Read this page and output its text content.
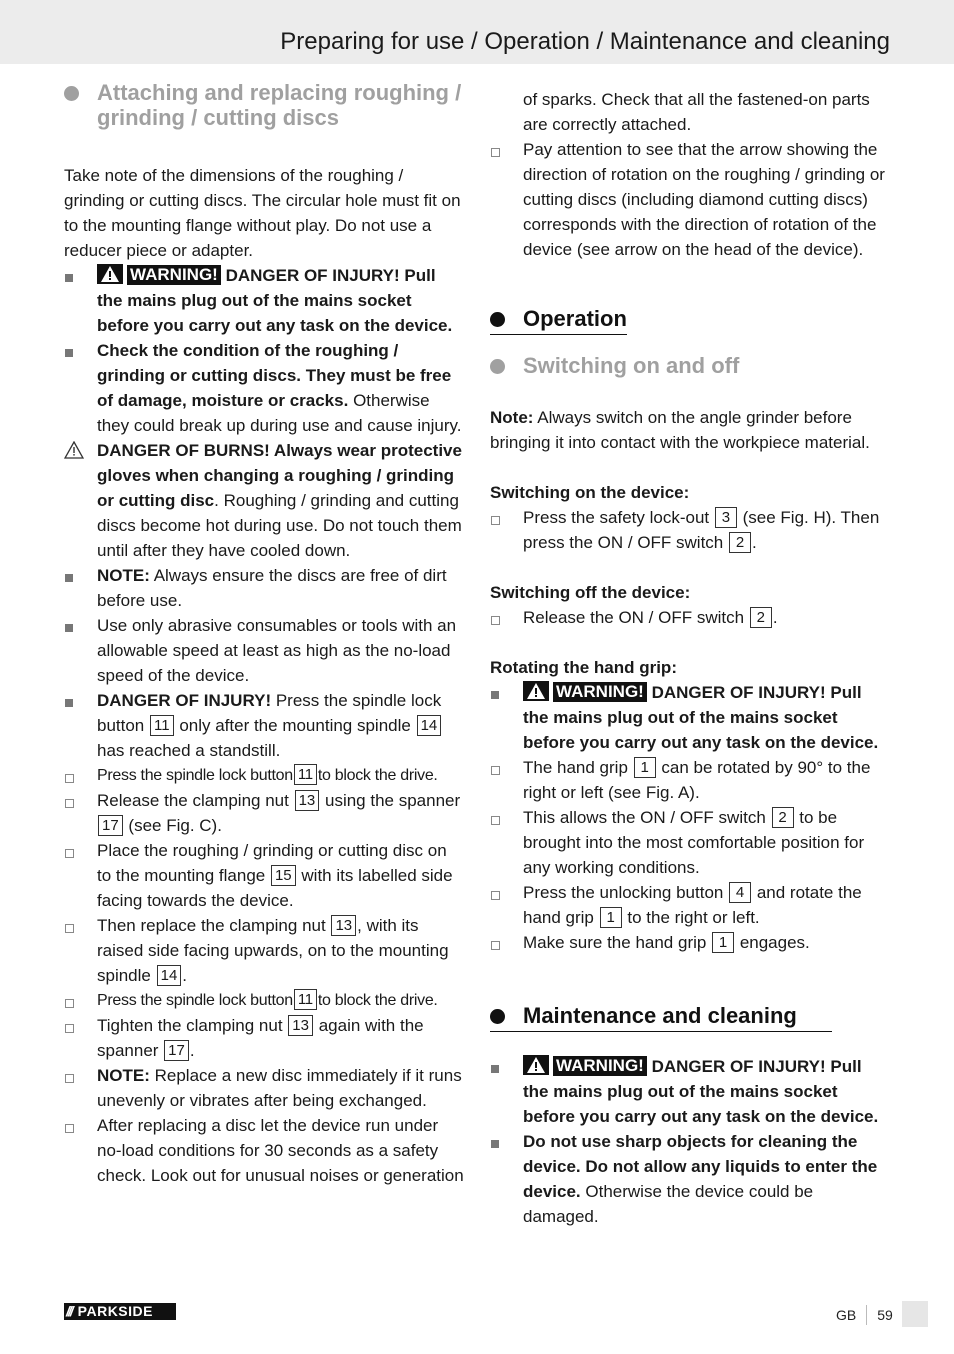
Preparing for use / Operation / Maintenance and cleaning
Attaching and replacing roughing / grinding / cutting discs

Take note of the dimensions of the roughing / grinding or cutting discs. The circular hole must fit on to the mounting flange without play. Do not use a reducer piece or adapter.

WARNING! DANGER OF INJURY! Pull the mains plug out of the mains socket before you carry out any task on the device.
Check the condition of the roughing / grinding or cutting discs. They must be free of damage, moisture or cracks. Otherwise they could break up during use and cause injury.
DANGER OF BURNS! Always wear protective gloves when changing a roughing / grinding or cutting disc. Roughing / grinding and cutting discs become hot during use. Do not touch them until after they have cooled down.
NOTE: Always ensure the discs are free of dirt before use.
Use only abrasive consumables or tools with an allowable speed at least as high as the no-load speed of the device.
DANGER OF INJURY! Press the spindle lock button 11 only after the mounting spindle 14 has reached a standstill.
Press the spindle lock button 11 to block the drive.
Release the clamping nut 13 using the spanner 17 (see Fig. C).
Place the roughing / grinding or cutting disc on to the mounting flange 15 with its labelled side facing towards the device.
Then replace the clamping nut 13 , with its raised side facing upwards, on to the mounting spindle 14 .
Press the spindle lock button 11 to block the drive.
Tighten the clamping nut 13 again with the spanner 17 .
NOTE: Replace a new disc immediately if it runs unevenly or vibrates after being exchanged.
After replacing a disc let the device run under no-load conditions for 30 seconds as a safety check. Look out for unusual noises or generation
of sparks. Check that all the fastened-on parts are correctly attached.
Pay attention to see that the arrow showing the direction of rotation on the roughing / grinding or cutting discs (including diamond cutting discs) corresponds with the direction of rotation of the device (see arrow on the head of the device).
Operation
Switching on and off

Note: Always switch on the angle grinder before bringing it into contact with the workpiece material.

Switching on the device:
Press the safety lock-out 3 (see Fig. H). Then press the ON / OFF switch 2 .
Switching off the device:
Release the ON / OFF switch 2 .
Rotating the hand grip:
WARNING! DANGER OF INJURY! Pull the mains plug out of the mains socket before you carry out any task on the device.
The hand grip 1 can be rotated by 90° to the right or left (see Fig. A).
This allows the ON / OFF switch 2 to be brought into the most comfortable position for any working conditions.
Press the unlocking button 4 and rotate the hand grip 1 to the right or left.
Make sure the hand grip 1 engages.
Maintenance and cleaning
WARNING! DANGER OF INJURY! Pull the mains plug out of the mains socket before you carry out any task on the device.
Do not use sharp objects for cleaning the device. Do not allow any liquids to enter the device. Otherwise the device could be damaged.
/// PARKSIDE	GB 59
